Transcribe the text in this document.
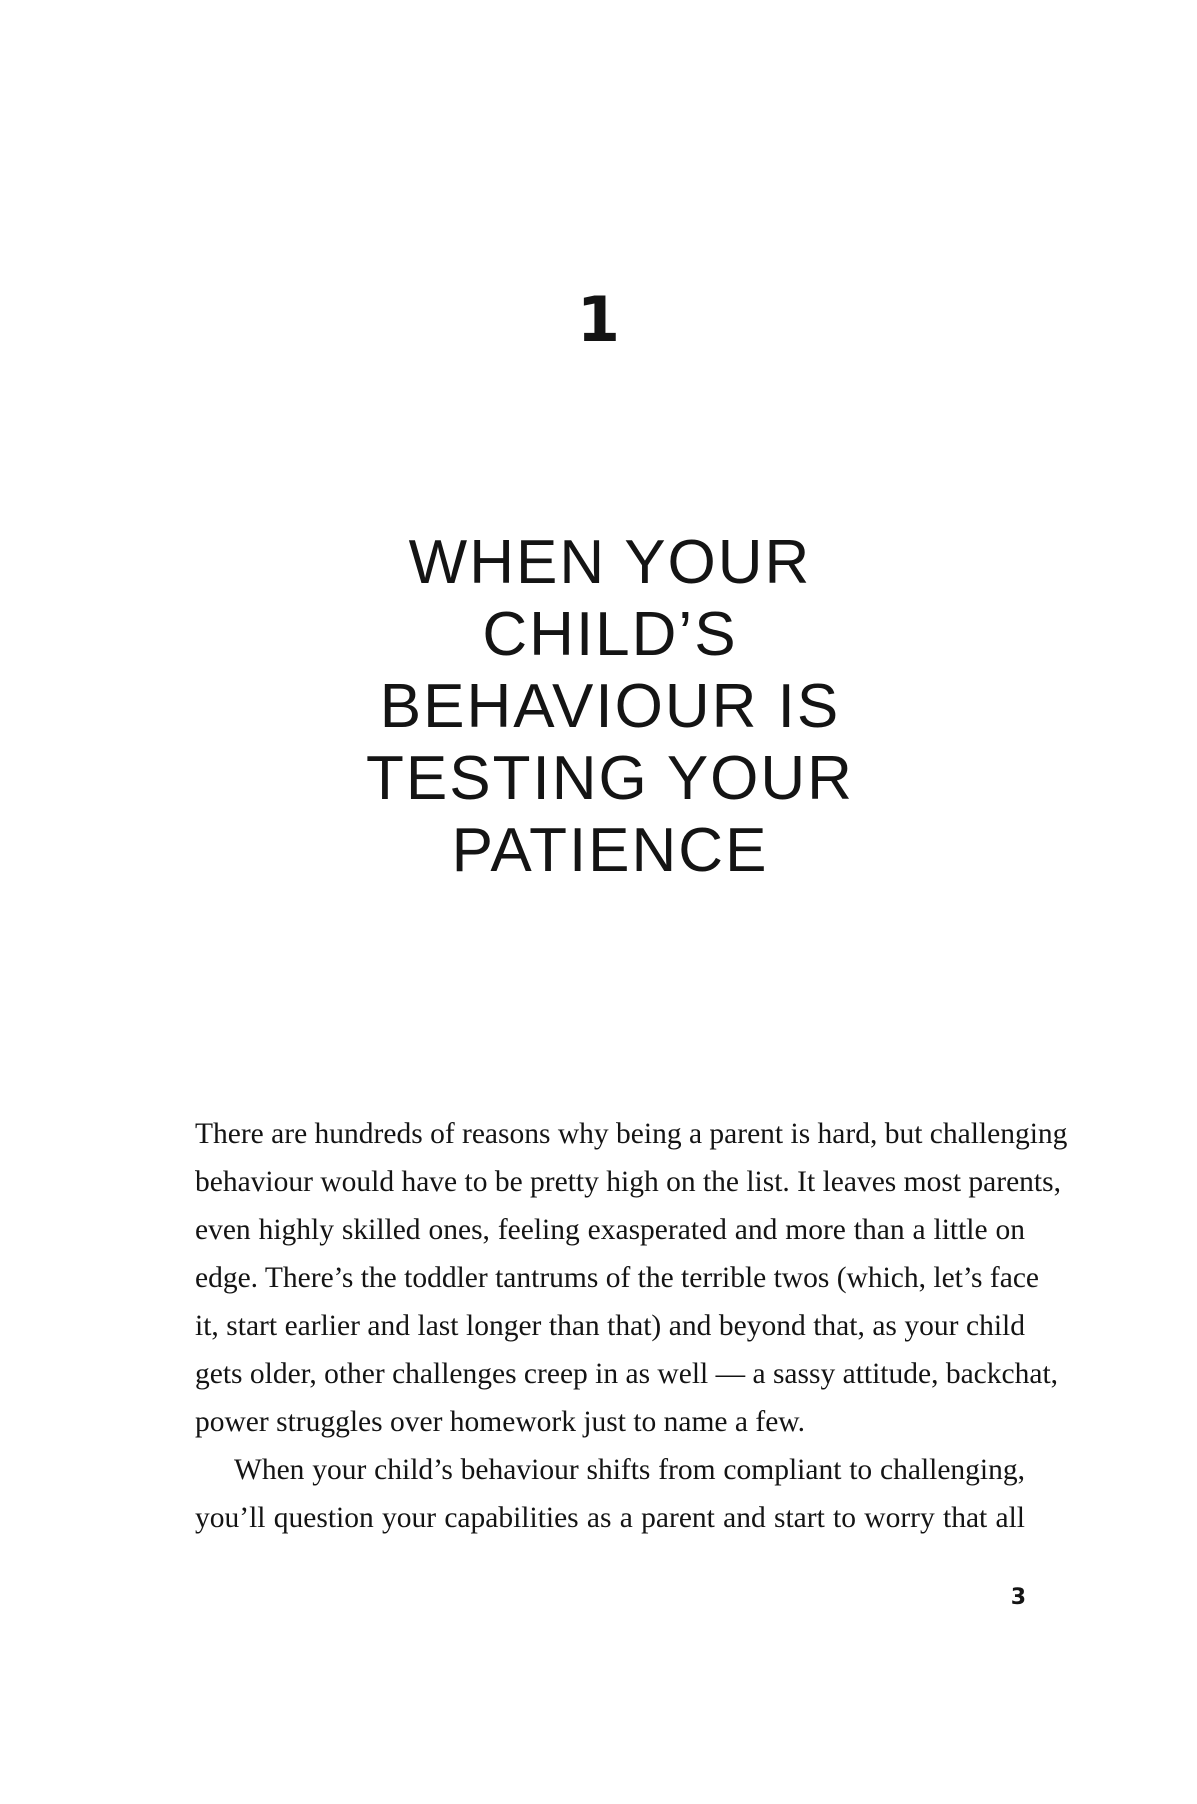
1
WHEN YOUR
CHILD’S
BEHAVIOUR IS
TESTING YOUR
PATIENCE

There are hundreds of reasons why being a parent is hard, but challenging
behaviour would have to be pretty high on the list. It leaves most parents,
even highly skilled ones, feeling exasperated and more than a little on
edge. There’s the toddler tantrums of the terrible twos (which, let’s face
it, start earlier and last longer than that) and beyond that, as your child
gets older, other challenges creep in as well — a sassy attitude, backchat,
power struggles over homework just to name a few.

When your child’s behaviour shifts from compliant to challenging,
you’ll question your capabilities as a parent and start to worry that all

3
